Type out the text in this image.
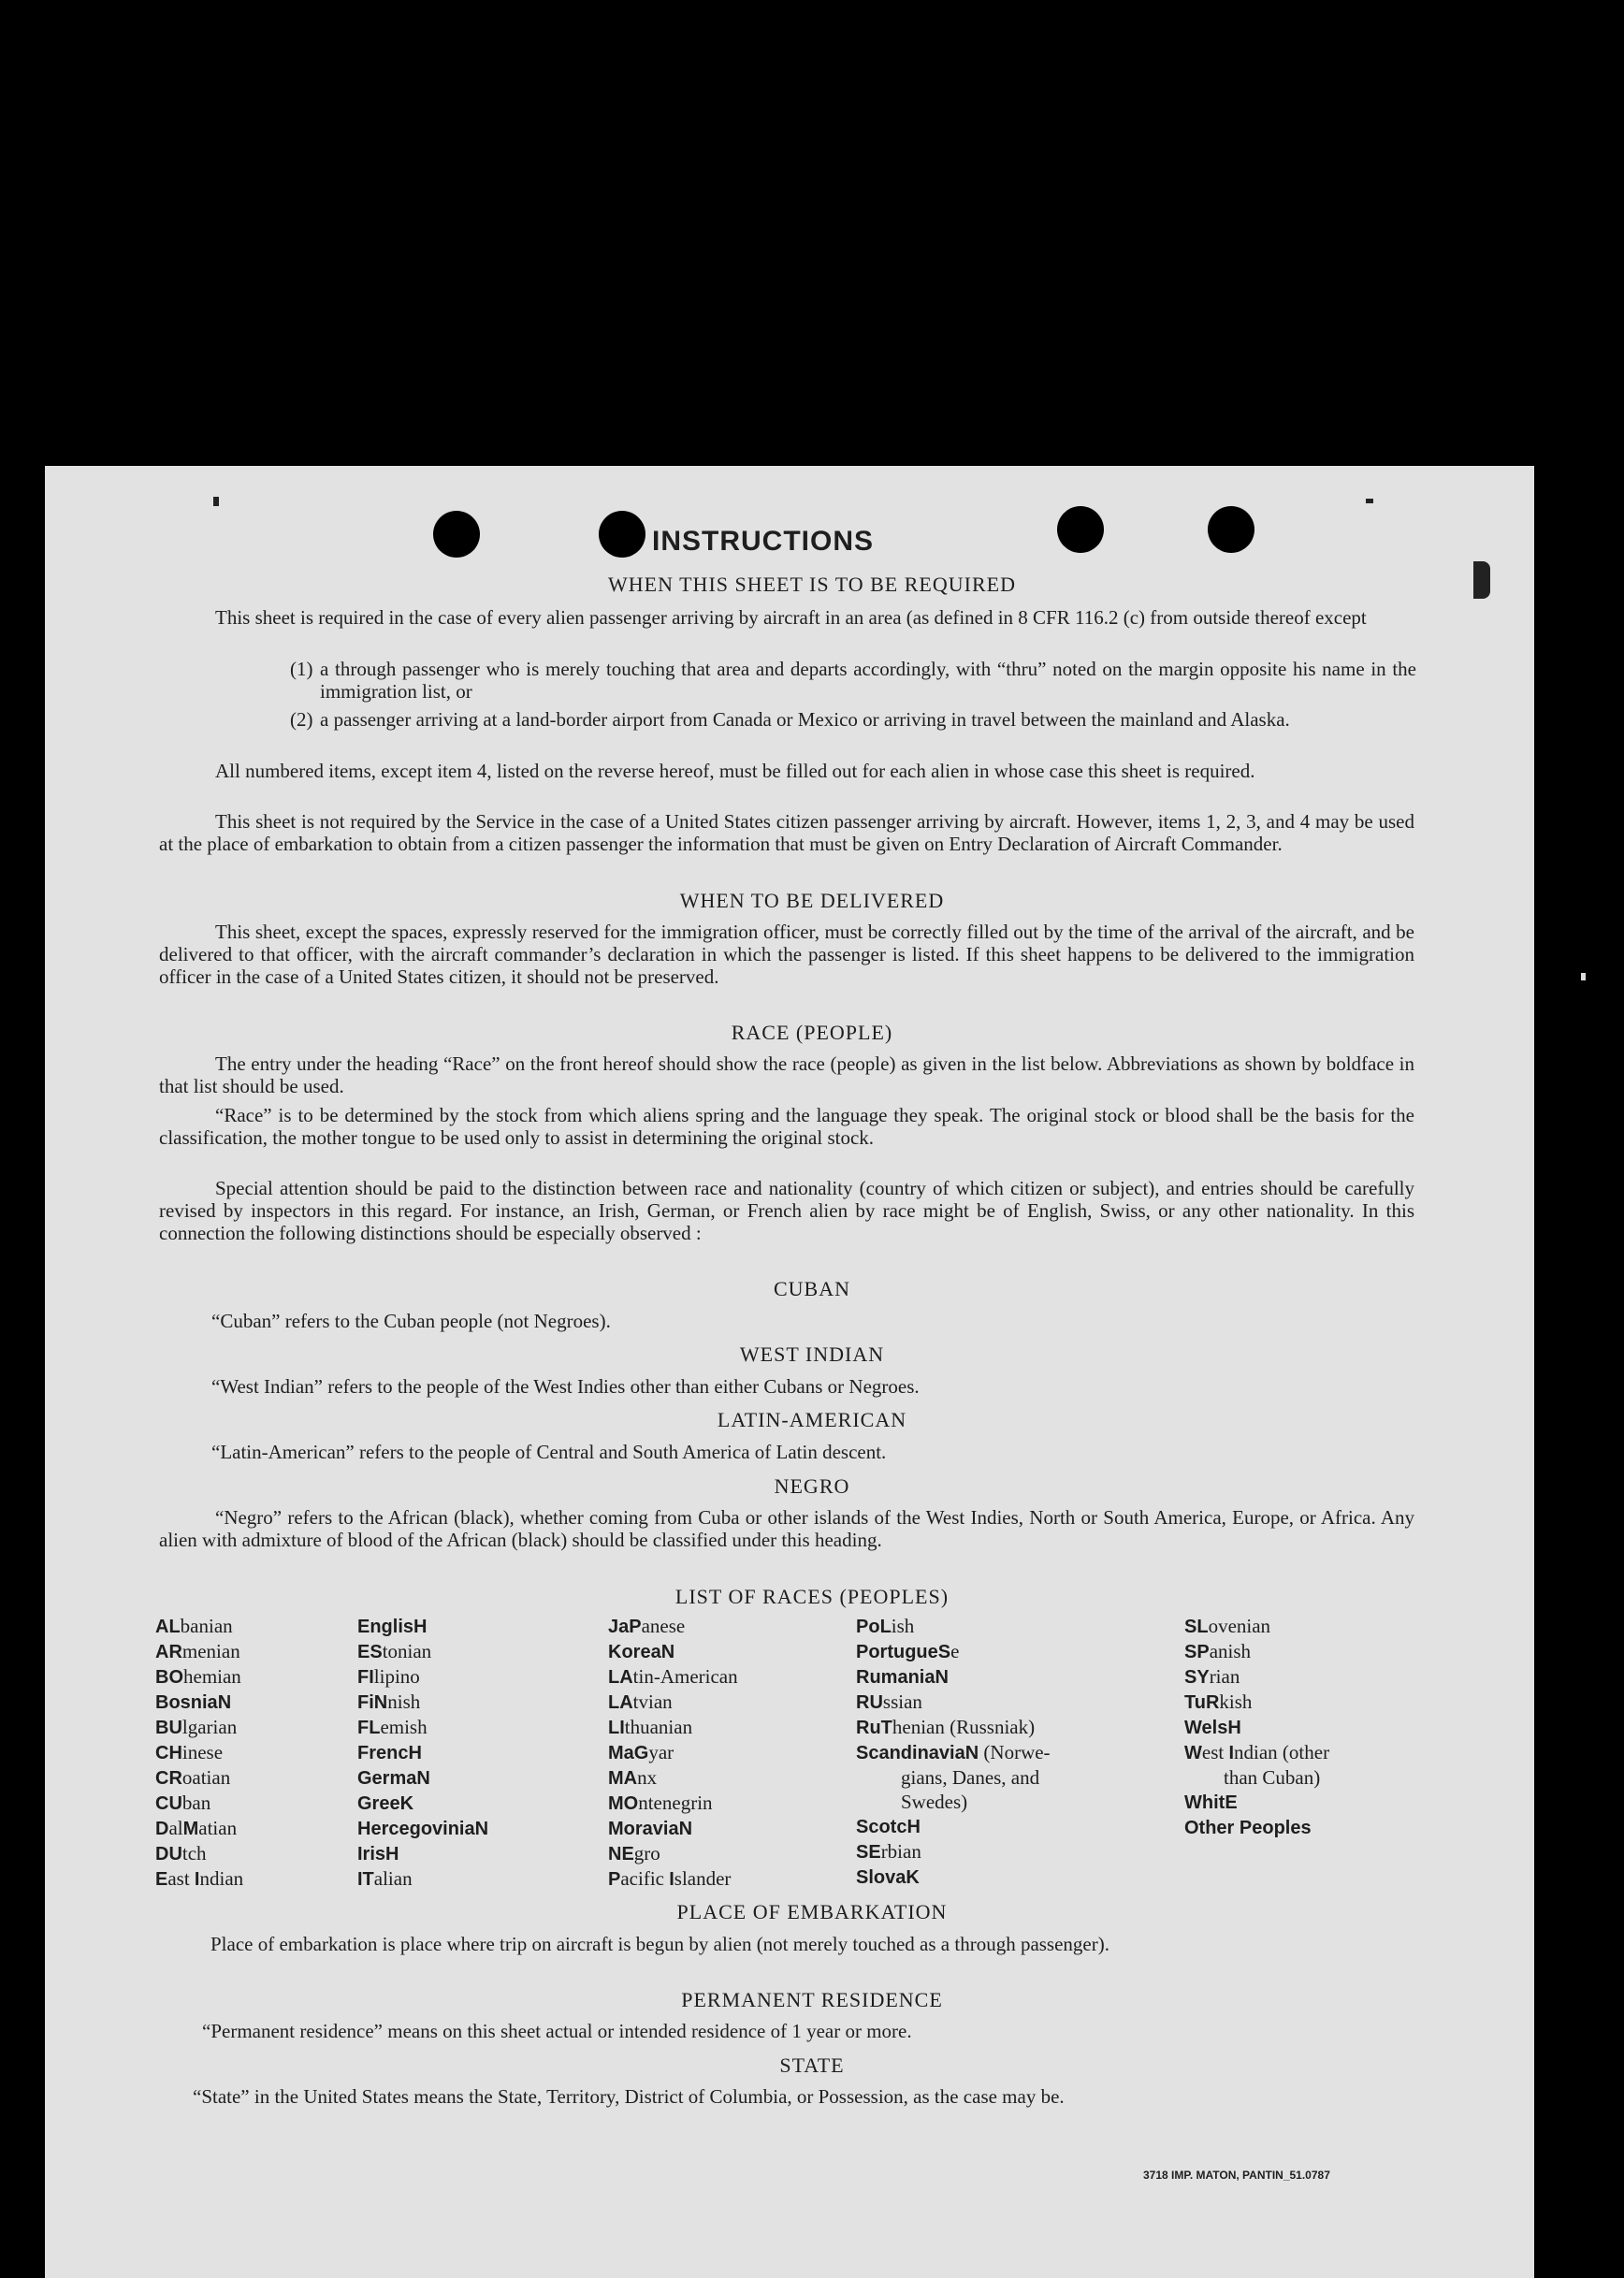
INSTRUCTIONS
WHEN THIS SHEET IS TO BE REQUIRED
This sheet is required in the case of every alien passenger arriving by aircraft in an area (as defined in 8 CFR 116.2 (c) from outside thereof except
(1) a through passenger who is merely touching that area and departs accordingly, with “thru” noted on the margin opposite his name in the immigration list, or
(2) a passenger arriving at a land-border airport from Canada or Mexico or arriving in travel between the mainland and Alaska.
All numbered items, except item 4, listed on the reverse hereof, must be filled out for each alien in whose case this sheet is required.
This sheet is not required by the Service in the case of a United States citizen passenger arriving by aircraft. However, items 1, 2, 3, and 4 may be used at the place of embarkation to obtain from a citizen passenger the information that must be given on Entry Declaration of Aircraft Commander.
WHEN TO BE DELIVERED
This sheet, except the spaces, expressly reserved for the immigration officer, must be correctly filled out by the time of the arrival of the aircraft, and be delivered to that officer, with the aircraft commander’s declaration in which the passenger is listed. If this sheet happens to be delivered to the immigration officer in the case of a United States citizen, it should not be preserved.
RACE (PEOPLE)
The entry under the heading “Race” on the front hereof should show the race (people) as given in the list below. Abbreviations as shown by boldface in that list should be used.
“Race” is to be determined by the stock from which aliens spring and the language they speak. The original stock or blood shall be the basis for the classification, the mother tongue to be used only to assist in determining the original stock.
Special attention should be paid to the distinction between race and nationality (country of which citizen or subject), and entries should be carefully revised by inspectors in this regard. For instance, an Irish, German, or French alien by race might be of English, Swiss, or any other nationality. In this connection the following distinctions should be especially observed :
CUBAN
“Cuban” refers to the Cuban people (not Negroes).
WEST INDIAN
“West Indian” refers to the people of the West Indies other than either Cubans or Negroes.
LATIN-AMERICAN
“Latin-American” refers to the people of Central and South America of Latin descent.
NEGRO
“Negro” refers to the African (black), whether coming from Cuba or other islands of the West Indies, North or South America, Europe, or Africa. Any alien with admixture of blood of the African (black) should be classified under this heading.
LIST OF RACES (PEOPLES)
ALbanian
ARmenian
BOhemian
BosniaN
BUlgarian
CHinese
CRoatian
CUban
DalMatian
DUtch
East Indian
EnglisH
EStonian
FIlipino
FiNnish
FLemish
FrencH
GermaN
GreeK
HercegoviniaN
IrisH
ITalian
JaPanese
KoreaN
LAtin-American
LAtvian
LIthuanian
MaGyar
MAnx
MOntenegrin
MoraviaN
NEgro
Pacific Islander
PoLish
PortugueSe
RumaniaN
RUssian
RuThenian (Russniak)
ScandinaviaN (Norwe-
gians, Danes, and
Swedes)
ScotcH
SErbian
SlovaK
SLovenian
SPanish
SYrian
TuRkish
WelsH
West Indian (other
than Cuban)
WhitE
Other Peoples
PLACE OF EMBARKATION
Place of embarkation is place where trip on aircraft is begun by alien (not merely touched as a through passenger).
PERMANENT RESIDENCE
“Permanent residence” means on this sheet actual or intended residence of 1 year or more.
STATE
“State” in the United States means the State, Territory, District of Columbia, or Possession, as the case may be.
3718 IMP. MATON, PANTIN_51.0787
